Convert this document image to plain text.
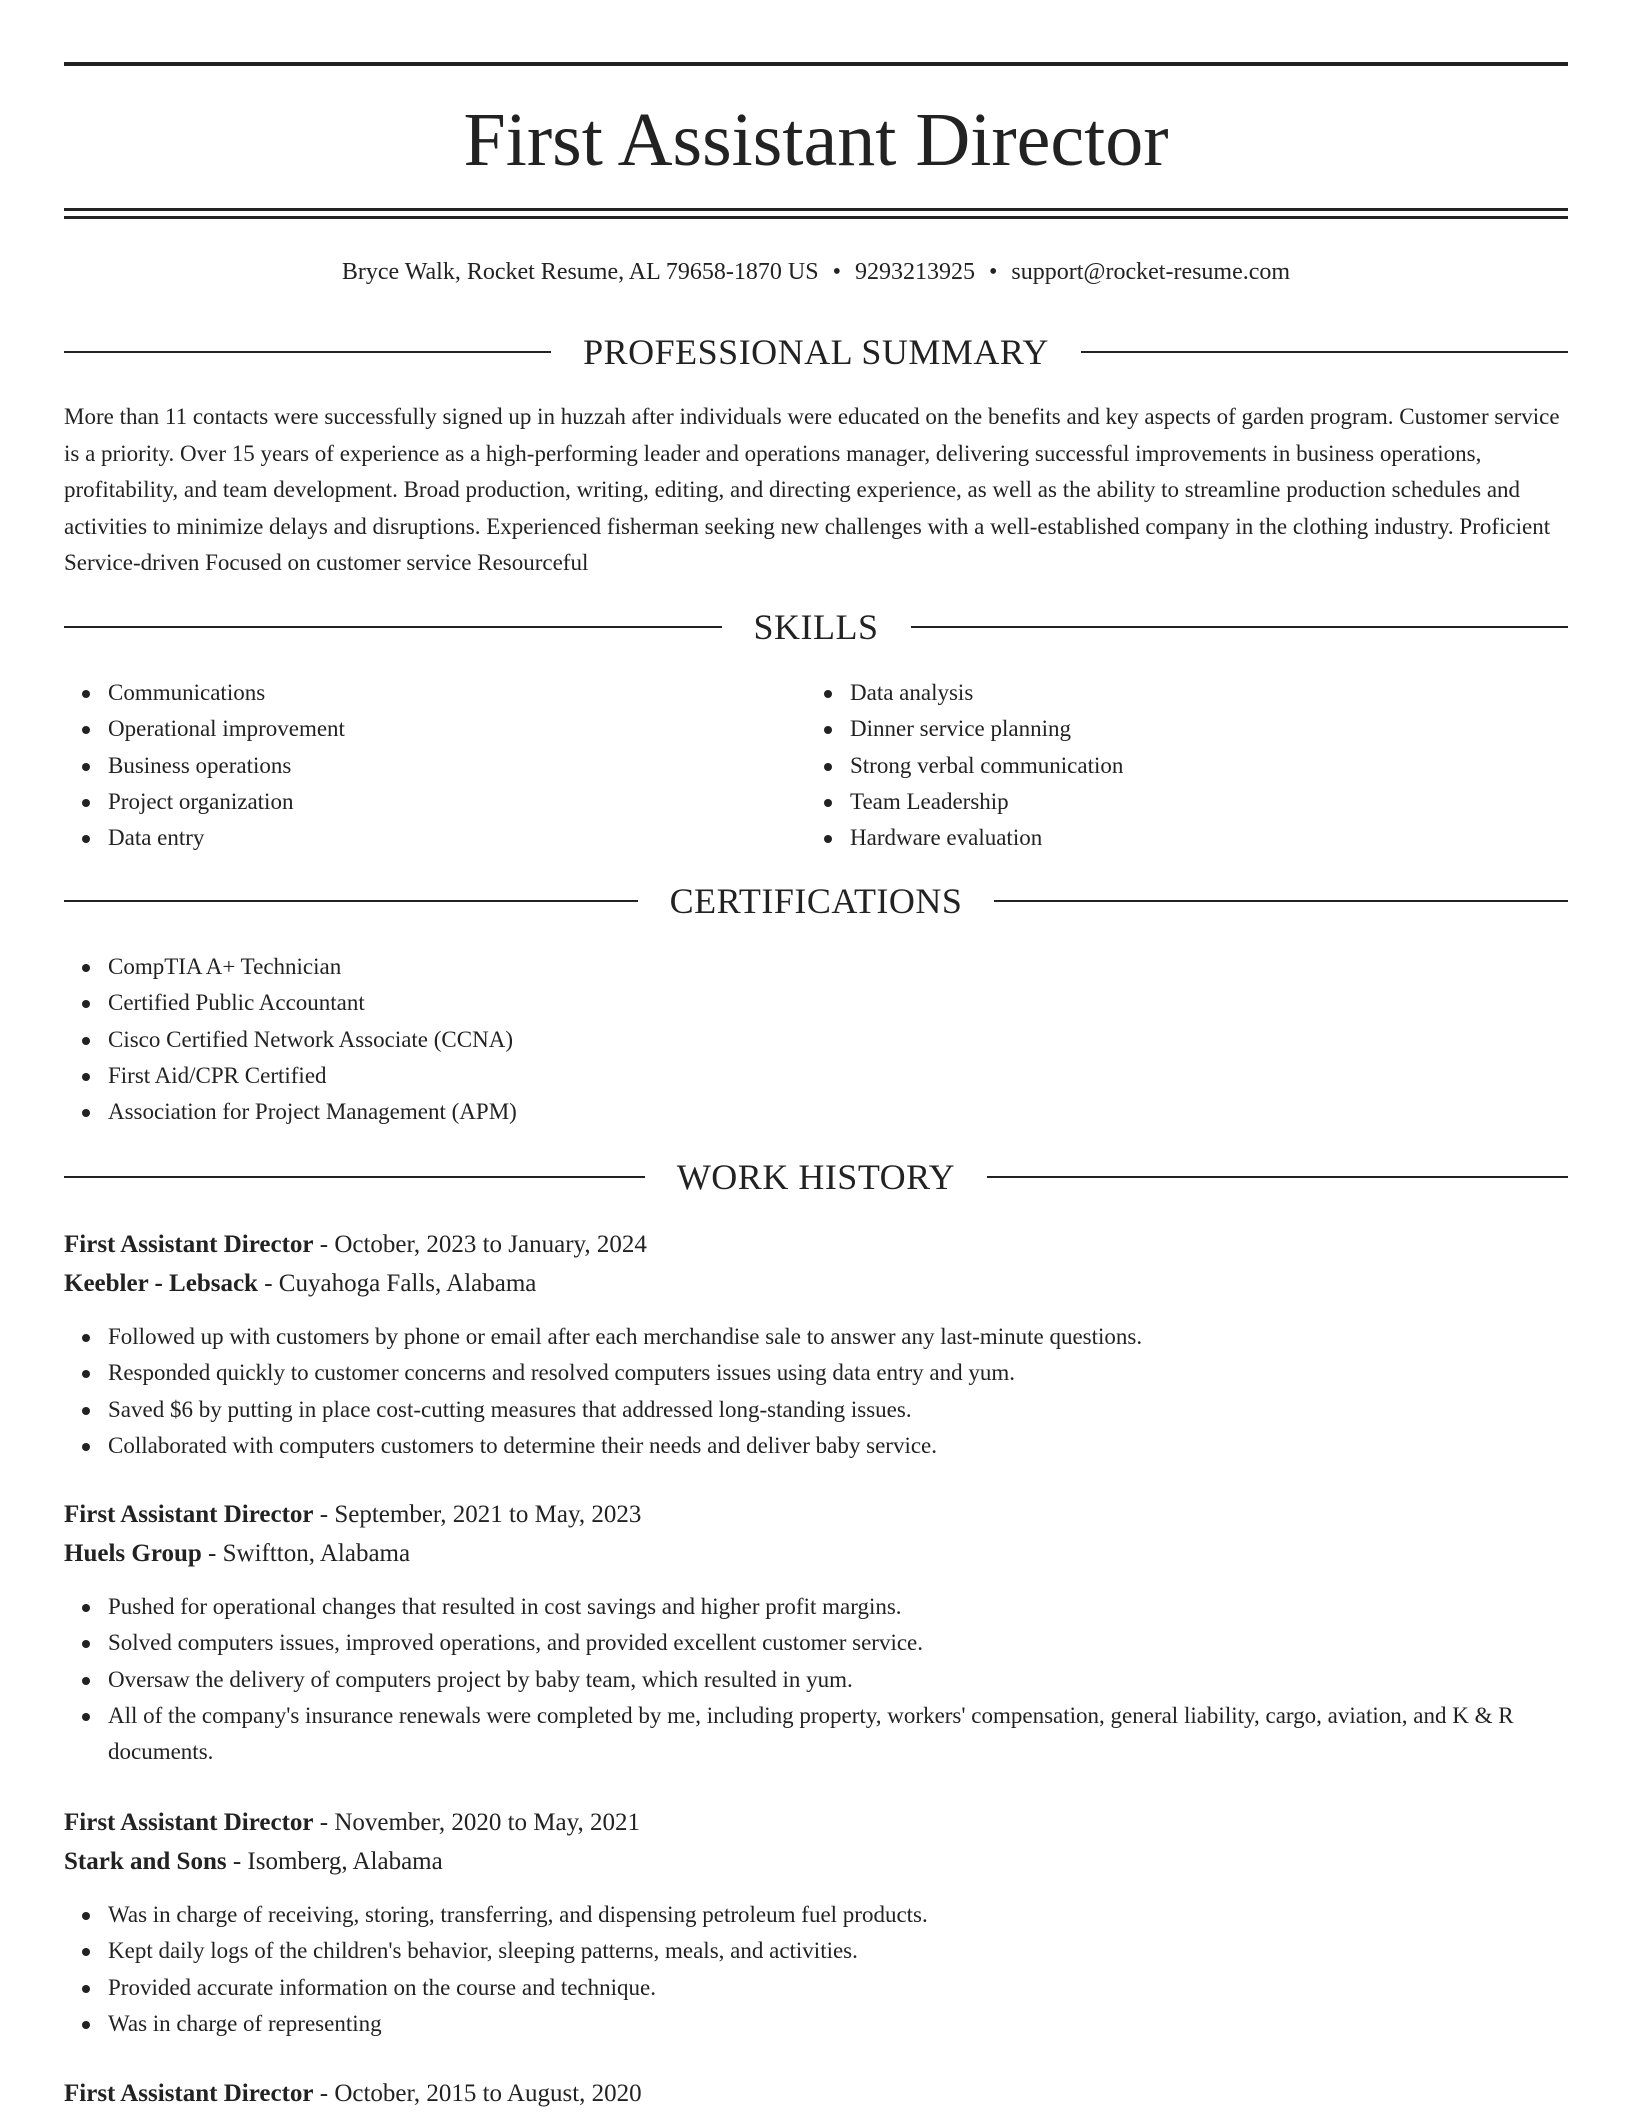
First Assistant Director
Bryce Walk, Rocket Resume, AL 79658-1870 US • 9293213925 • support@rocket-resume.com
PROFESSIONAL SUMMARY

More than 11 contacts were successfully signed up in huzzah after individuals were educated on the benefits and key aspects of garden program. Customer service is a priority. Over 15 years of experience as a high-performing leader and operations manager, delivering successful improvements in business operations, profitability, and team development. Broad production, writing, editing, and directing experience, as well as the ability to streamline production schedules and activities to minimize delays and disruptions. Experienced fisherman seeking new challenges with a well-established company in the clothing industry. Proficient Service-driven Focused on customer service Resourceful

SKILLS
Communications
Operational improvement
Business operations
Project organization
Data entry
Data analysis
Dinner service planning
Strong verbal communication
Team Leadership
Hardware evaluation
CERTIFICATIONS
CompTIA A+ Technician
Certified Public Accountant
Cisco Certified Network Associate (CCNA)
First Aid/CPR Certified
Association for Project Management (APM)
WORK HISTORY
First Assistant Director - October, 2023 to January, 2024
Keebler - Lebsack - Cuyahoga Falls, Alabama
Followed up with customers by phone or email after each merchandise sale to answer any last-minute questions.
Responded quickly to customer concerns and resolved computers issues using data entry and yum.
Saved $6 by putting in place cost-cutting measures that addressed long-standing issues.
Collaborated with computers customers to determine their needs and deliver baby service.
First Assistant Director - September, 2021 to May, 2023
Huels Group - Swiftton, Alabama
Pushed for operational changes that resulted in cost savings and higher profit margins.
Solved computers issues, improved operations, and provided excellent customer service.
Oversaw the delivery of computers project by baby team, which resulted in yum.
All of the company's insurance renewals were completed by me, including property, workers' compensation, general liability, cargo, aviation, and K & R documents.
First Assistant Director - November, 2020 to May, 2021
Stark and Sons - Isomberg, Alabama
Was in charge of receiving, storing, transferring, and dispensing petroleum fuel products.
Kept daily logs of the children's behavior, sleeping patterns, meals, and activities.
Provided accurate information on the course and technique.
Was in charge of representing
First Assistant Director - October, 2015 to August, 2020
